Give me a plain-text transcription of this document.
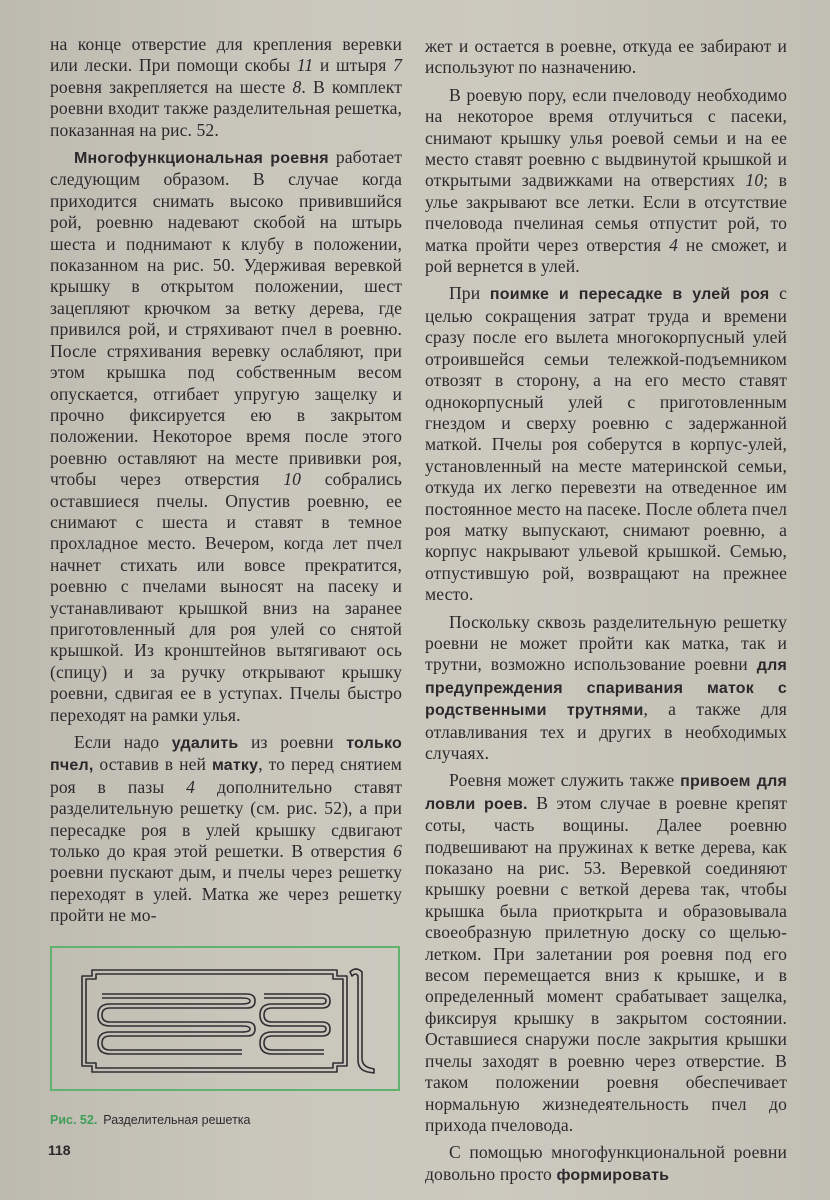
на конце отверстие для крепления веревки или лески. При помощи скобы 11 и штыря 7 роевня закрепляется на шесте 8. В комплект роевни входит также разделительная решетка, показанная на рис. 52.

Многофункциональная роевня работает следующим образом. В случае когда приходится снимать высоко привившийся рой, роевню надевают скобой на штырь шеста и поднимают к клубу в положении, показанном на рис. 50. Удерживая веревкой крышку в открытом положении, шест зацепляют крючком за ветку дерева, где привился рой, и стряхивают пчел в роевню. После стряхивания веревку ослабляют, при этом крышка под собственным весом опускается, отгибает упругую защелку и прочно фиксируется ею в закрытом положении. Некоторое время после этого роевню оставляют на месте прививки роя, чтобы через отверстия 10 собрались оставшиеся пчелы. Опустив роевню, ее снимают с шеста и ставят в темное прохладное место. Вечером, когда лет пчел начнет стихать или вовсе прекратится, роевню с пчелами выносят на пасеку и устанавливают крышкой вниз на заранее приготовленный для роя улей со снятой крышкой. Из кронштейнов вытягивают ось (спицу) и за ручку открывают крышку роевни, сдвигая ее в уступах. Пчелы быстро переходят на рамки улья.

Если надо удалить из роевни только пчел, оставив в ней матку, то перед снятием роя в пазы 4 дополнительно ставят разделительную решетку (см. рис. 52), а при пересадке роя в улей крышку сдвигают только до края этой решетки. В отверстия 6 роевни пускают дым, и пчелы через решетку переходят в улей. Матка же через решетку пройти не мо-

жет и остается в роевне, откуда ее забирают и используют по назначению.

В роевую пору, если пчеловоду необходимо на некоторое время отлучиться с пасеки, снимают крышку улья роевой семьи и на ее место ставят роевню с выдвинутой крышкой и открытыми задвижками на отверстиях 10; в улье закрывают все летки. Если в отсутствие пчеловода пчелиная семья отпустит рой, то матка пройти через отверстия 4 не сможет, и рой вернется в улей.

При поимке и пересадке в улей роя с целью сокращения затрат труда и времени сразу после его вылета многокорпусный улей отроившейся семьи тележкой-подъемником отвозят в сторону, а на его место ставят однокорпусный улей с приготовленным гнездом и сверху роевню с задержанной маткой. Пчелы роя соберутся в корпус-улей, установленный на месте материнской семьи, откуда их легко перевезти на отведенное им постоянное место на пасеке. После облета пчел роя матку выпускают, снимают роевню, а корпус накрывают ульевой крышкой. Семью, отпустившую рой, возвращают на прежнее место.

Поскольку сквозь разделительную решетку роевни не может пройти как матка, так и трутни, возможно использование роевни для предупреждения спаривания маток с родственными трутнями, а также для отлавливания тех и других в необходимых случаях.

Роевня может служить также привоем для ловли роев. В этом случае в роевне крепят соты, часть вощины. Далее роевню подвешивают на пружинах к ветке дерева, как показано на рис. 53. Веревкой соединяют крышку роевни с веткой дерева так, чтобы крышка была приоткрыта и образовывала своеобразную прилетную доску со щелью-летком. При залетании роя роевня под его весом перемещается вниз к крышке, и в определенный момент срабатывает защелка, фиксируя крышку в закрытом состоянии. Оставшиеся снаружи после закрытия крышки пчелы заходят в роевню через отверстие. В таком положении роевня обеспечивает нормальную жизнедеятельность пчел до прихода пчеловода.

С помощью многофункциональной роевни довольно просто формировать

Рис. 52. Разделительная решетка
118
